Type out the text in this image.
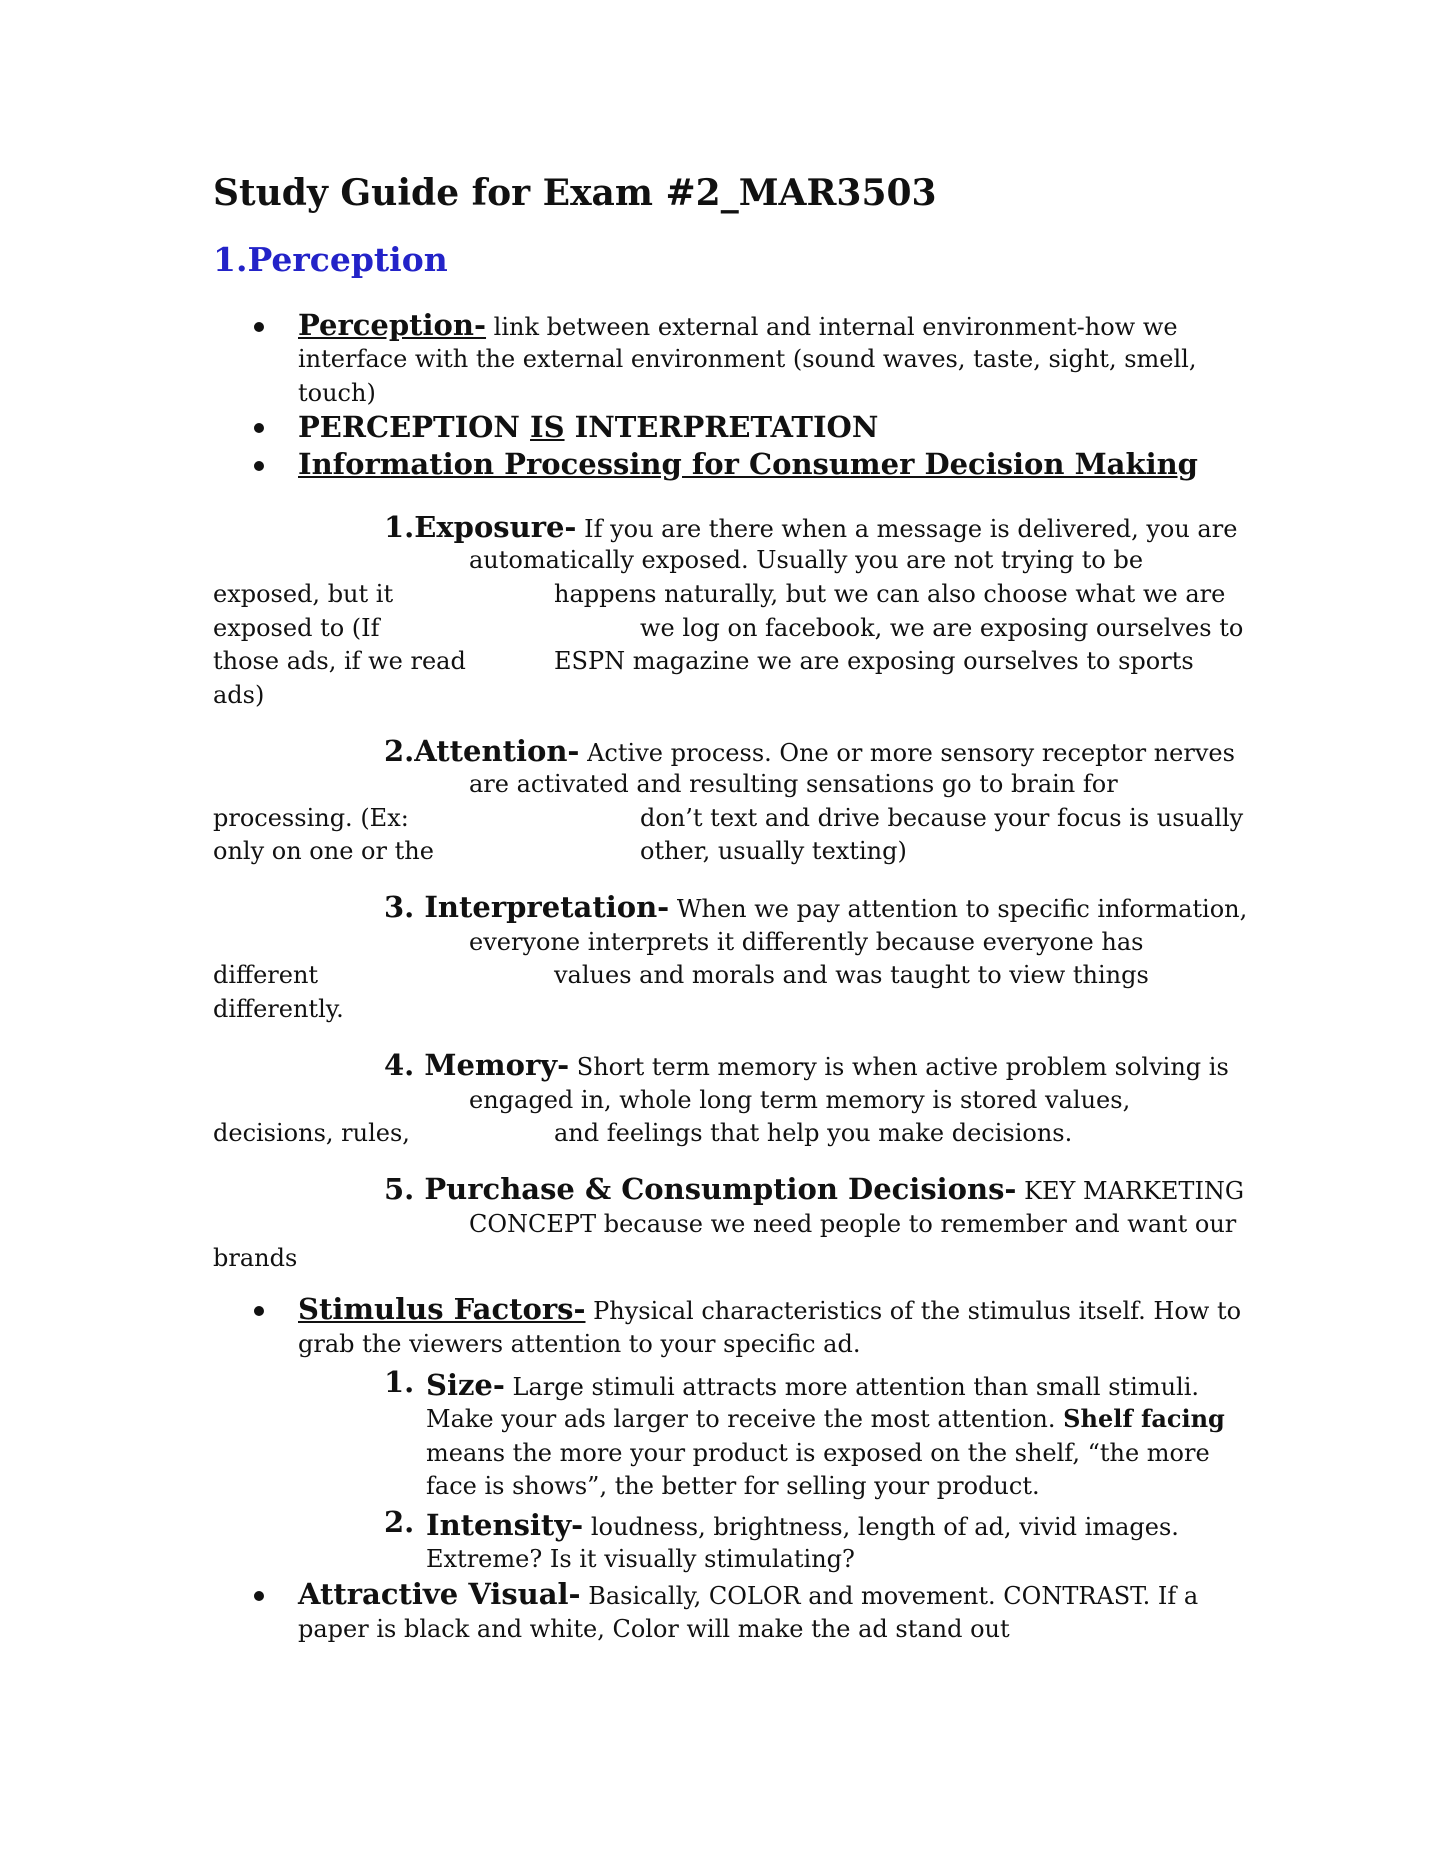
Study Guide for Exam #2_MAR3503
1.Perception
Perception- link between external and internal environment-how we
interface with the external environment (sound waves, taste, sight, smell,
touch)
PERCEPTION IS INTERPRETATION
Information Processing for Consumer Decision Making
1.Exposure- If you are there when a message is delivered, you are
automatically exposed. Usually you are not trying to be
exposed, but it	happens naturally, but we can also choose what we are
exposed to (If	we log on facebook, we are exposing ourselves to
those ads, if we read	ESPN magazine we are exposing ourselves to sports
ads)
2.Attention- Active process. One or more sensory receptor nerves
are activated and resulting sensations go to brain for
processing. (Ex:	don’t text and drive because your focus is usually
only on one or the	other, usually texting)
3. Interpretation- When we pay attention to specific information,
everyone interprets it differently because everyone has
different	values and morals and was taught to view things
differently.
4. Memory- Short term memory is when active problem solving is
engaged in, whole long term memory is stored values,
decisions, rules,	and feelings that help you make decisions.
5. Purchase & Consumption Decisions- KEY MARKETING
CONCEPT because we need people to remember and want our
brands
Stimulus Factors- Physical characteristics of the stimulus itself. How to
grab the viewers attention to your specific ad.
1. Size- Large stimuli attracts more attention than small stimuli.
Make your ads larger to receive the most attention. Shelf facing
means the more your product is exposed on the shelf, “the more
face is shows”, the better for selling your product.
2. Intensity- loudness, brightness, length of ad, vivid images.
Extreme? Is it visually stimulating?
Attractive Visual- Basically, COLOR and movement. CONTRAST. If a
paper is black and white, Color will make the ad stand out
